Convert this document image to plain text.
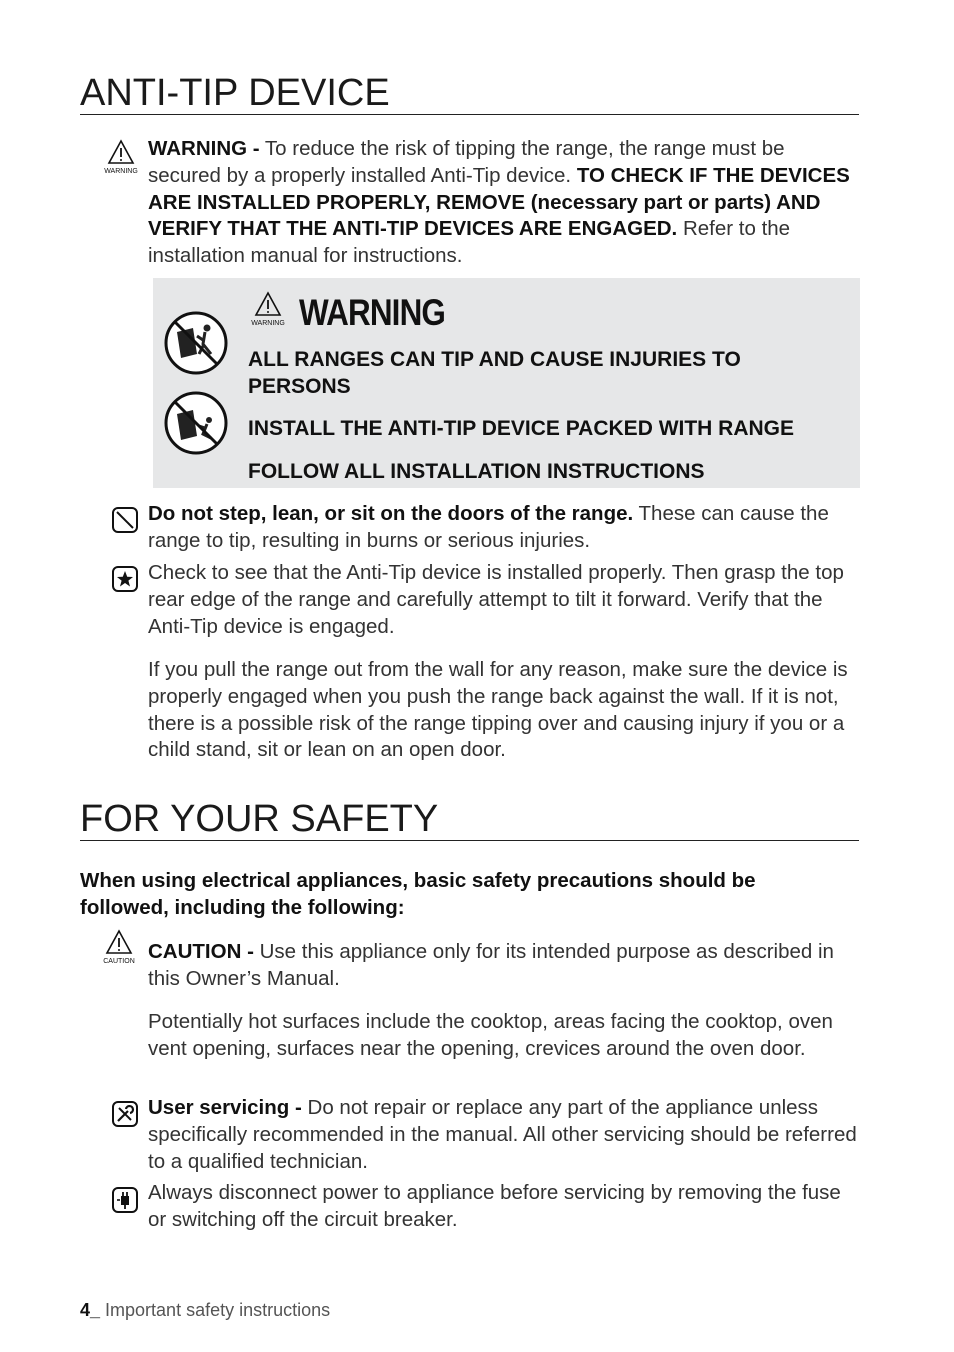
ANTI-TIP DEVICE
WARNING
WARNING - To reduce the risk of tipping the range, the range must be secured by a properly installed Anti-Tip device. TO CHECK IF THE DEVICES ARE INSTALLED PROPERLY, REMOVE (necessary part or parts) AND VERIFY THAT THE ANTI-TIP DEVICES ARE ENGAGED. Refer to the installation manual for instructions.
WARNING WARNING
ALL RANGES CAN TIP AND CAUSE INJURIES TO PERSONS
INSTALL THE ANTI-TIP DEVICE PACKED WITH RANGE
FOLLOW ALL INSTALLATION INSTRUCTIONS
Do not step, lean, or sit on the doors of the range. These can cause the range to tip, resulting in burns or serious injuries.
Check to see that the Anti-Tip device is installed properly. Then grasp the top rear edge of the range and carefully attempt to tilt it forward. Verify that the Anti-Tip device is engaged.
If you pull the range out from the wall for any reason, make sure the device is properly engaged when you push the range back against the wall. If it is not, there is a possible risk of the range tipping over and causing injury if you or a child stand, sit or lean on an open door.
FOR YOUR SAFETY
When using electrical appliances, basic safety precautions should be followed, including the following:
CAUTION CAUTION - Use this appliance only for its intended purpose as described in this Owner’s Manual.
Potentially hot surfaces include the cooktop, areas facing the cooktop, oven vent opening, surfaces near the opening, crevices around the oven door.
User servicing - Do not repair or replace any part of the appliance unless specifically recommended in the manual. All other servicing should be referred to a qualified technician.
Always disconnect power to appliance before servicing by removing the fuse or switching off the circuit breaker.
4_ Important safety instructions
